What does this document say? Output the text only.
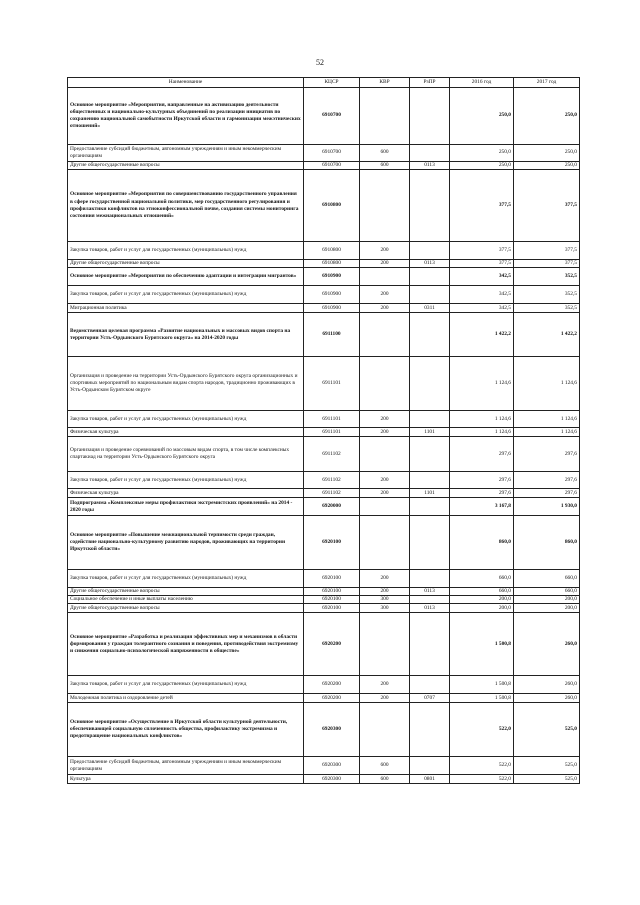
52
Наименование	КЦСР	КВР	РзПР	2016 год	2017 год
Основное мероприятие «Мероприятия, направленные на активизацию деятельности общественных и национально-культурных объединений по реализации инициатив по сохранению национальной самобытности Иркутской области и гармонизации межэтнических отношений»	6910700			250,0	250,0
Предоставление субсидий бюджетным, автономным учреждениям и иным некоммерческим организациям	6910700	600		250,0	250,0
Другие общегосударственные вопросы	6910700	600	0113	250,0	250,0
Основное мероприятие «Мероприятия по совершенствованию государственного управления в сфере государственной национальной политики, мер государственного регулирования и профилактики конфликтов на этноконфессиональной почве, создания системы мониторинга состояния межнациональных отношений»	6910800			377,5	377,5
Закупка товаров, работ и услуг для государственных (муниципальных) нужд	6910800	200		377,5	377,5
Другие общегосударственные вопросы	6910800	200	0113	377,5	377,5
Основное мероприятие «Мероприятия по обеспечению адаптации и интеграции мигрантов»	6910900			342,5	352,5
Закупка товаров, работ и услуг для государственных (муниципальных) нужд	6910900	200		342,5	352,5
Миграционная политика	6910900	200	0311	342,5	352,5
Ведомственная целевая программа «Развитие национальных и массовых видов спорта на территории Усть-Ордынского Бурятского округа» на 2014-2020 годы	6911100			1 422,2	1 422,2
Организация и проведение на территории Усть-Ордынского Бурятского округа организационных и спортивных мероприятий по национальным видам спорта народов, традиционно проживающих в Усть-Ордынском Бурятском округе	6911101			1 124,6	1 124,6
Закупка товаров, работ и услуг для государственных (муниципальных) нужд	6911101	200		1 124,6	1 124,6
Физическая культура	6911101	200	1101	1 124,6	1 124,6
Организация и проведение соревнований по массовым видам спорта, в том числе комплексных спартакиад на территории Усть-Ордынского Бурятского округа	6911102			297,6	297,6
Закупка товаров, работ и услуг для государственных (муниципальных) нужд	6911102	200		297,6	297,6
Физическая культура	6911102	200	1101	297,6	297,6
Подпрограмма «Комплексные меры профилактики экстремистских проявлений» на 2014 - 2020 годы	6920000			3 167,8	1 930,0
Основное мероприятие «Повышение межнациональной терпимости среди граждан, содействие национально-культурному развитию народов, проживающих на территории Иркутской области»	6920100			860,0	860,0
Закупка товаров, работ и услуг для государственных (муниципальных) нужд	6920100	200		660,0	660,0
Другие общегосударственные вопросы	6920100	200	0113	660,0	660,0
Социальное обеспечение и иные выплаты населению	6920100	300		200,0	200,0
Другие общегосударственные вопросы	6920100	300	0113	200,0	200,0
Основное мероприятие «Разработка и реализация эффективных мер и механизмов в области формирования у граждан толерантного сознания и поведения, противодействия экстремизму и снижения социально-психологической напряженности в обществе»	6920200			1 500,8	260,0
Закупка товаров, работ и услуг для государственных (муниципальных) нужд	6920200	200		1 500,8	260,0
Молодежная политика и оздоровление детей	6920200	200	0707	1 500,8	260,0
Основное мероприятие «Осуществление в Иркутской области культурной деятельности, обеспечивающей социальную сплоченность общества, профилактику экстремизма и предотвращение национальных конфликтов»	6920300			522,0	525,0
Предоставление субсидий бюджетным, автономным учреждениям и иным некоммерческим организациям	6920300	600		522,0	525,0
Культура	6920300	600	0801	522,0	525,0
